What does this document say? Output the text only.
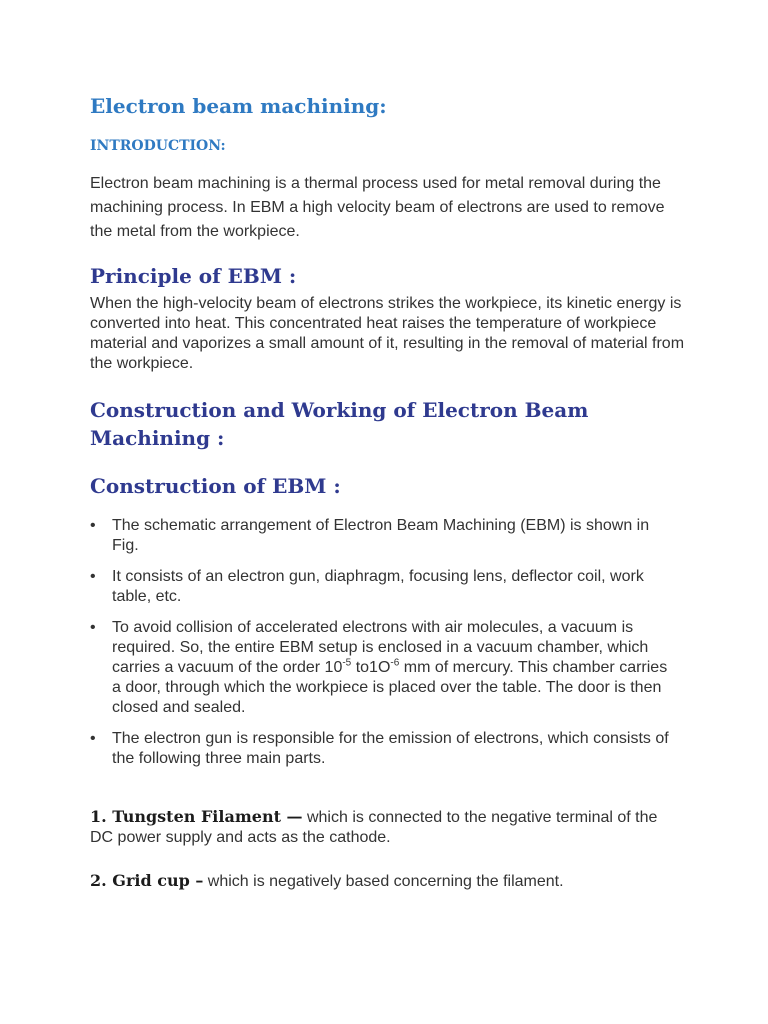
Electron beam machining:
INTRODUCTION:
Electron beam machining is a thermal process used for metal removal during the machining process. In EBM a high velocity beam of electrons are used to remove the metal from the workpiece.
Principle of EBM :
When the high-velocity beam of electrons strikes the workpiece, its kinetic energy is converted into heat. This concentrated heat raises the temperature of workpiece material and vaporizes a small amount of it, resulting in the removal of material from the workpiece.
Construction and Working of Electron Beam Machining :
Construction of EBM :
• The schematic arrangement of Electron Beam Machining (EBM) is shown in Fig.
• It consists of an electron gun, diaphragm, focusing lens, deflector coil, work table, etc.
• To avoid collision of accelerated electrons with air molecules, a vacuum is required. So, the entire EBM setup is enclosed in a vacuum chamber, which carries a vacuum of the order $10^{-5}$ $to1O^{-6}$ mm of mercury. This chamber carries a door, through which the workpiece is placed over the table. The door is then closed and sealed.
• The electron gun is responsible for the emission of electrons, which consists of the following three main parts.
1. Tungsten Filament — which is connected to the negative terminal of the DC power supply and acts as the cathode.
2. Grid cup – which is negatively based concerning the filament.
